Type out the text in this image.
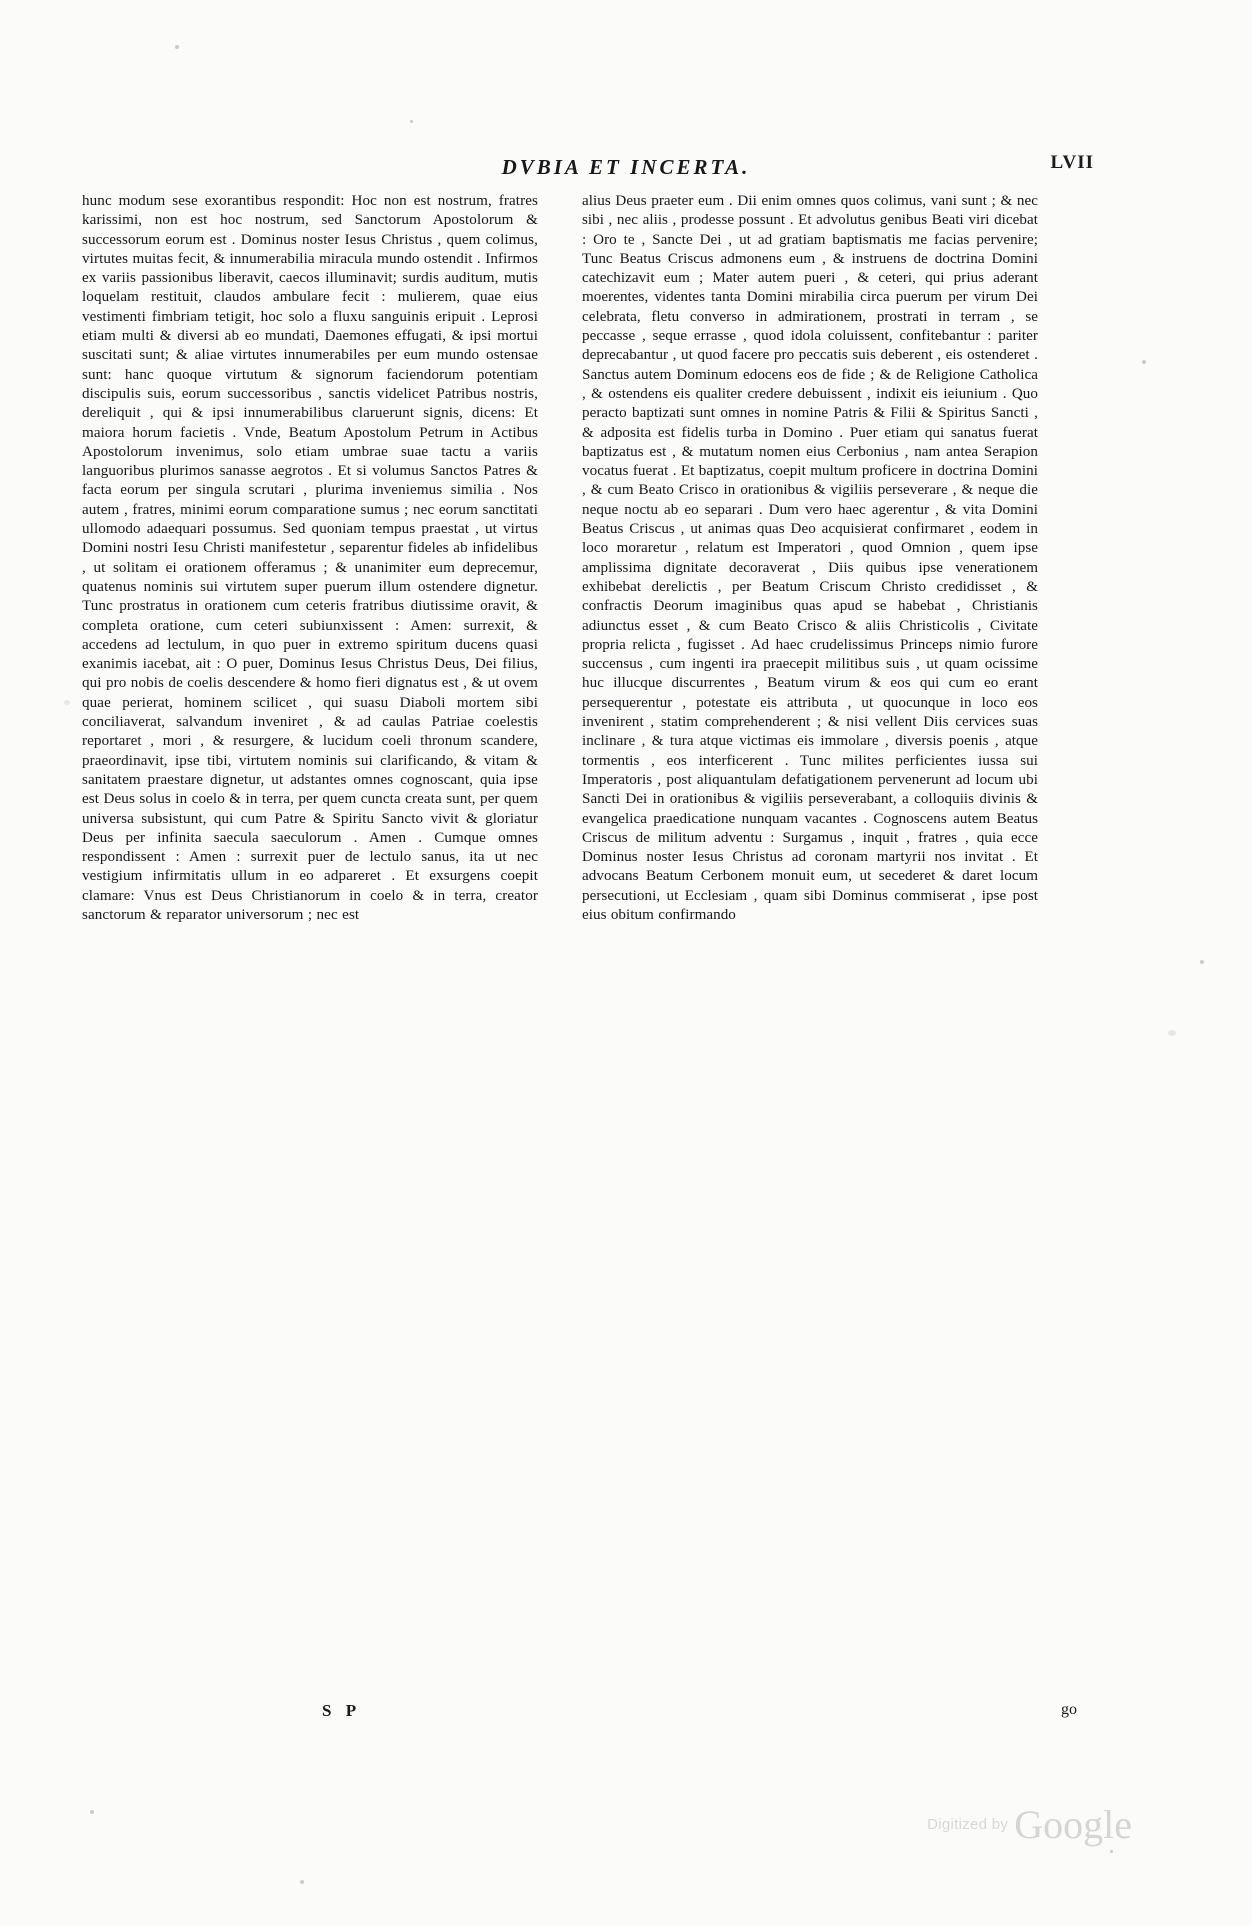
DVBIA ET INCERTA.	LVII

hunc modum sese exorantibus respondit: Hoc non est nostrum, fratres karissimi, non est hoc nostrum, sed Sanctorum Apostolorum & successorum eorum est . Dominus noster Iesus Christus , quem colimus, virtutes muitas fecit, & innumerabilia miracula mundo ostendit . Infirmos ex variis passionibus liberavit, caecos illuminavit; surdis auditum, mutis loquelam restituit, claudos ambulare fecit : mulierem, quae eius vestimenti fimbriam tetigit, hoc solo a fluxu sanguinis eripuit . Leprosi etiam multi & diversi ab eo mundati, Daemones effugati, & ipsi mortui suscitati sunt; & aliae virtutes innumerabiles per eum mundo ostensae sunt: hanc quoque virtutum & signorum faciendorum potentiam discipulis suis, eorum successoribus , sanctis videlicet Patribus nostris, dereliquit , qui & ipsi innumerabilibus claruerunt signis, dicens: Et maiora horum facietis . Vnde, Beatum Apostolum Petrum in Actibus Apostolorum invenimus, solo etiam umbrae suae tactu a variis languoribus plurimos sanasse aegrotos . Et si volumus Sanctos Patres & facta eorum per singula scrutari , plurima inveniemus similia . Nos autem , fratres, minimi eorum comparatione sumus ; nec eorum sanctitati ullomodo adaequari possumus. Sed quoniam tempus praestat , ut virtus Domini nostri Iesu Christi manifestetur , separentur fideles ab infidelibus , ut solitam ei orationem offeramus ; & unanimiter eum deprecemur, quatenus nominis sui virtutem super puerum illum ostendere dignetur. Tunc prostratus in orationem cum ceteris fratribus diutissime oravit, & completa oratione, cum ceteri subiunxissent : Amen: surrexit, & accedens ad lectulum, in quo puer in extremo spiritum ducens quasi exanimis iacebat, ait : O puer, Dominus Iesus Christus Deus, Dei filius, qui pro nobis de coelis descendere & homo fieri dignatus est , & ut ovem quae perierat, hominem scilicet , qui suasu Diaboli mortem sibi conciliaverat, salvandum inveniret , & ad caulas Patriae coelestis reportaret , mori , & resurgere, & lucidum coeli thronum scandere, praeordinavit, ipse tibi, virtutem nominis sui clarificando, & vitam & sanitatem praestare dignetur, ut adstantes omnes cognoscant, quia ipse est Deus solus in coelo & in terra, per quem cuncta creata sunt, per quem universa subsistunt, qui cum Patre & Spiritu Sancto vivit & gloriatur Deus per infinita saecula saeculorum . Amen . Cumque omnes respondissent : Amen : surrexit puer de lectulo sanus, ita ut nec vestigium infirmitatis ullum in eo adpareret . Et exsurgens coepit clamare: Vnus est Deus Christianorum in coelo & in terra, creator sanctorum & reparator universorum ; nec est

alius Deus praeter eum . Dii enim omnes quos colimus, vani sunt ; & nec sibi , nec aliis , prodesse possunt . Et advolutus genibus Beati viri dicebat : Oro te , Sancte Dei , ut ad gratiam baptismatis me facias pervenire; Tunc Beatus Criscus admonens eum , & instruens de doctrina Domini catechizavit eum ; Mater autem pueri , & ceteri, qui prius aderant moerentes, videntes tanta Domini mirabilia circa puerum per virum Dei celebrata, fletu converso in admirationem, prostrati in terram , se peccasse , seque errasse , quod idola coluissent, confitebantur : pariter deprecabantur , ut quod facere pro peccatis suis deberent , eis ostenderet . Sanctus autem Dominum edocens eos de fide ; & de Religione Catholica , & ostendens eis qualiter credere debuissent , indixit eis ieiunium . Quo peracto baptizati sunt omnes in nomine Patris & Filii & Spiritus Sancti , & adposita est fidelis turba in Domino . Puer etiam qui sanatus fuerat baptizatus est , & mutatum nomen eius Cerbonius , nam antea Serapion vocatus fuerat . Et baptizatus, coepit multum proficere in doctrina Domini , & cum Beato Crisco in orationibus & vigiliis perseverare , & neque die neque noctu ab eo separari . Dum vero haec agerentur , & vita Domini Beatus Criscus , ut animas quas Deo acquisierat confirmaret , eodem in loco moraretur , relatum est Imperatori , quod Omnion , quem ipse amplissima dignitate decoraverat , Diis quibus ipse venerationem exhibebat derelictis , per Beatum Criscum Christo credidisset , & confractis Deorum imaginibus quas apud se habebat , Christianis adiunctus esset , & cum Beato Crisco & aliis Christicolis , Civitate propria relicta , fugisset . Ad haec crudelissimus Princeps nimio furore succensus , cum ingenti ira praecepit militibus suis , ut quam ocissime huc illucque discurrentes , Beatum virum & eos qui cum eo erant persequerentur , potestate eis attributa , ut quocunque in loco eos invenirent , statim comprehenderent ; & nisi vellent Diis cervices suas inclinare , & tura atque victimas eis immolare , diversis poenis , atque tormentis , eos interficerent . Tunc milites perficientes iussa sui Imperatoris , post aliquantulam defatigationem pervenerunt ad locum ubi Sancti Dei in orationibus & vigiliis perseverabant, a colloquiis divinis & evangelica praedicatione nunquam vacantes . Cognoscens autem Beatus Criscus de militum adventu : Surgamus , inquit , fratres , quia ecce Dominus noster Iesus Christus ad coronam martyrii nos invitat . Et advocans Beatum Cerbonem monuit eum, ut secederet & daret locum persecutioni, ut Ecclesiam , quam sibi Dominus commiserat , ipse post eius obitum confirmando

S P	go
Digitized by Google
